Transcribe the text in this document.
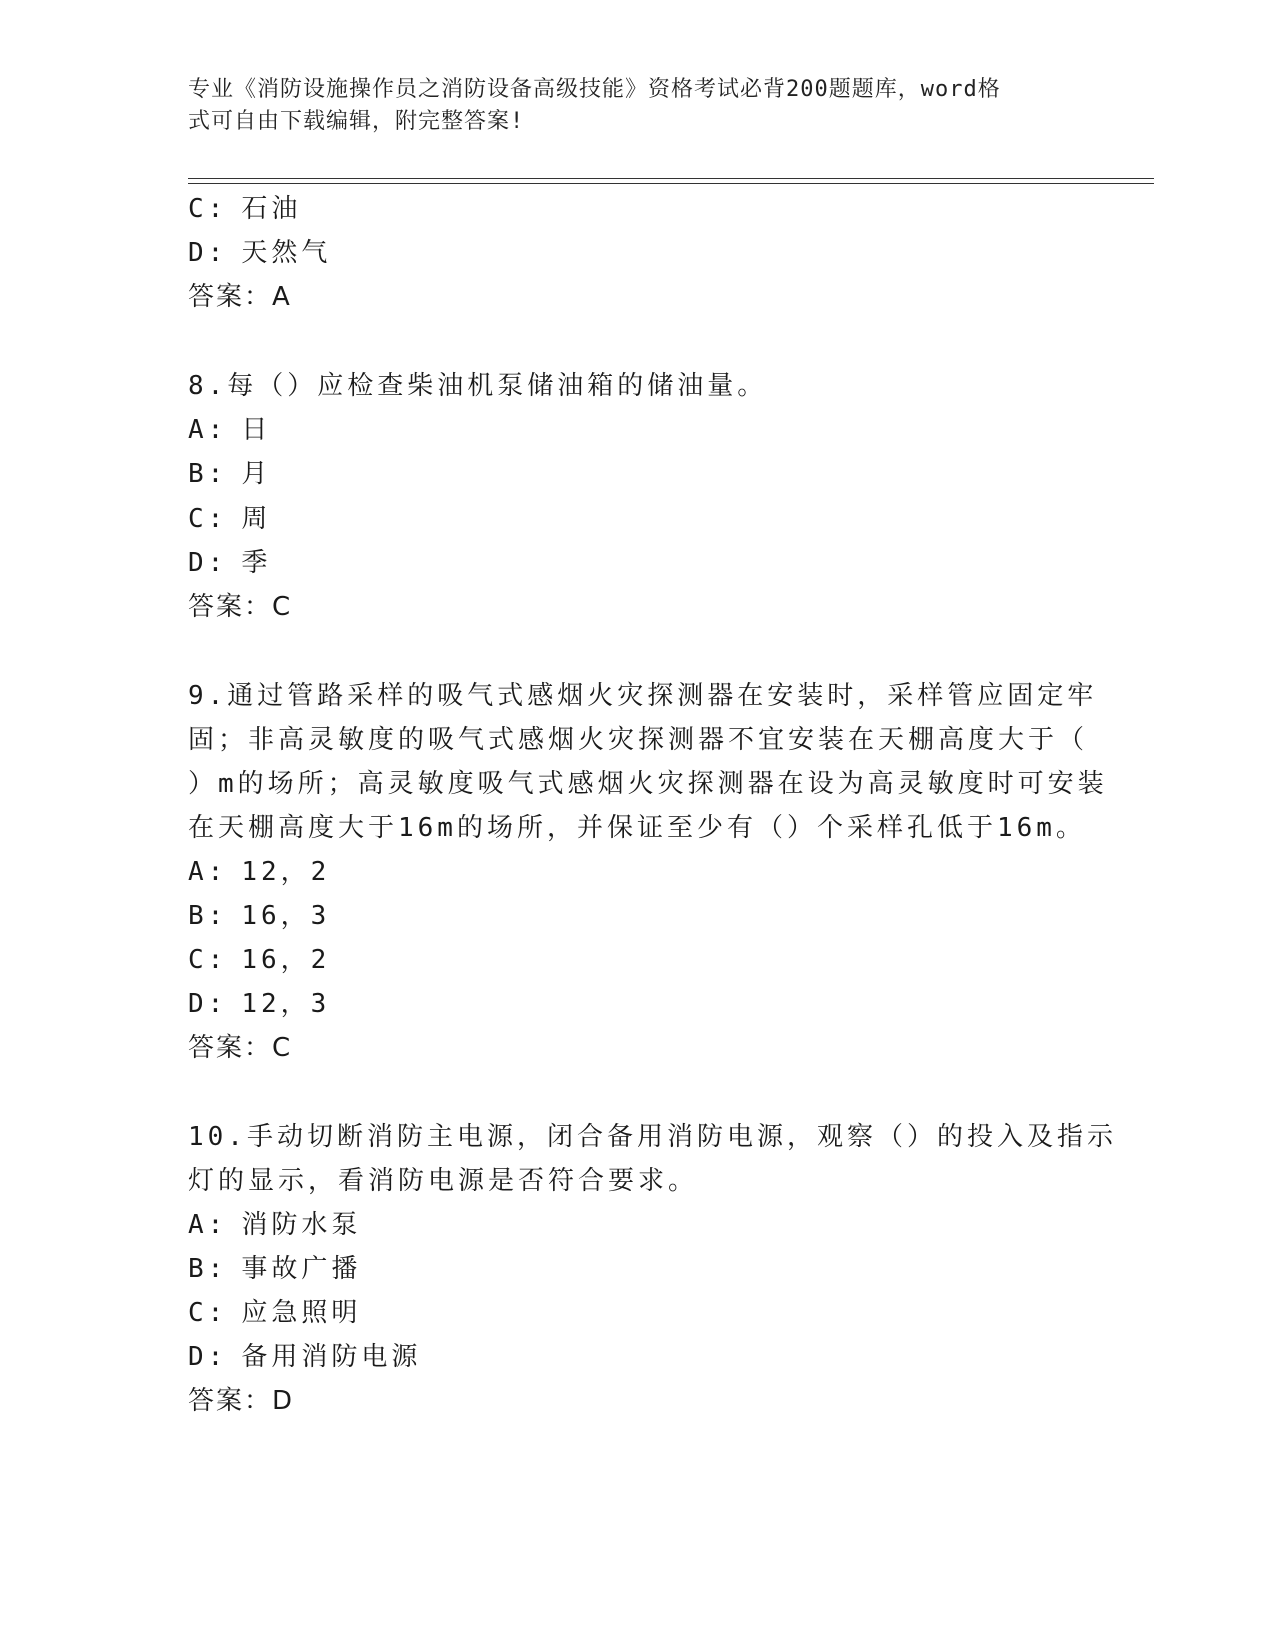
专业《消防设施操作员之消防设备高级技能》资格考试必背200题题库，word格
式可自由下载编辑，附完整答案!
C: 石油
D: 天然气
答案：A
8.每（）应检查柴油机泵储油箱的储油量。
A: 日
B: 月
C: 周
D: 季
答案：C
9.通过管路采样的吸气式感烟火灾探测器在安装时，采样管应固定牢
固；非高灵敏度的吸气式感烟火灾探测器不宜安装在天棚高度大于（
）m的场所；高灵敏度吸气式感烟火灾探测器在设为高灵敏度时可安装
在天棚高度大于16m的场所，并保证至少有（）个采样孔低于16m。
A: 12，2
B: 16，3
C: 16，2
D: 12，3
答案：C
10.手动切断消防主电源，闭合备用消防电源，观察（）的投入及指示
灯的显示，看消防电源是否符合要求。
A: 消防水泵
B: 事故广播
C: 应急照明
D: 备用消防电源
答案：D
